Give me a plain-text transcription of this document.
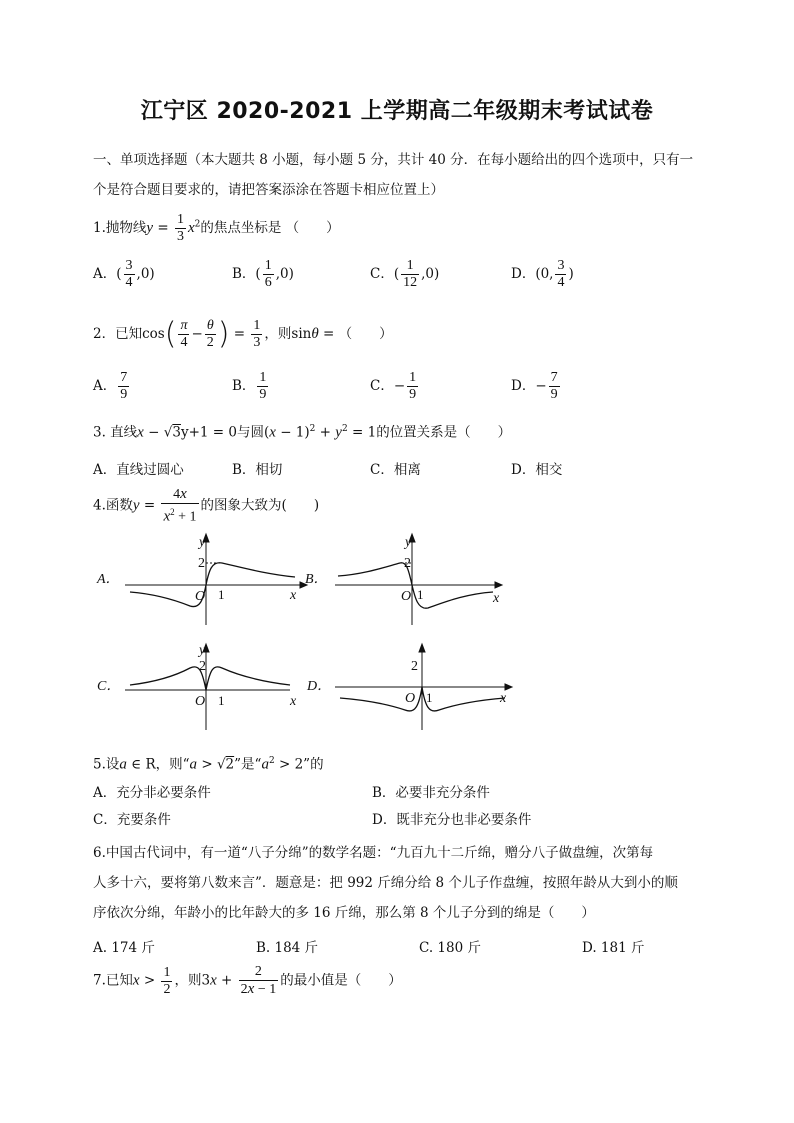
江宁区 2020-2021 上学期高二年级期末考试试卷
一、单项选择题（本大题共 8 小题，每小题 5 分，共计 40 分．在每小题给出的四个选项中，只有一
个是符合题目要求的，请把答案添涂在答题卡相应位置上）
1.抛物线$y = \frac{1}{3} x^2$的焦点坐标是 （　　）
A．( $\frac{3}{4} ,0$)	B．( $\frac{1}{6} ,0$)	C．( $\frac{1}{12} ,0$)	D．(0, $\frac{3}{4}$ )
2．已知$\cos( \frac{\pi}{4} - \frac{\theta}{2}$ ) = $\frac{1}{3}$ ，则sinθ = （　　）
A． $\frac{7}{9}$	B． $\frac{1}{9}$	C．− $\frac{1}{9}$	D．− $\frac{7}{9}$
3. 直线x − √3y+1 = 0与圆$(x - 1)^2 + y^2 = 1$的位置关系是（　　）
A．直线过圆心	B．相切	C．相离	D．相交
4.函数$y = \frac{4x}{x^2 + 1}$ 的图象大致为(　　)
A．
y
2
O 1	x
B．
y
2
O 1	x
C．
y
2
O 1	x
D．
2
O 1	x
5.设a ∈ R，则“a > √2”是“$a^2 > 2$”的
A．充分非必要条件	B．必要非充分条件
C．充要条件	D．既非充分也非必要条件
6.中国古代词中，有一道“八子分绵”的数学名题：“九百九十二斤绵，赠分八子做盘缠，次第每
人多十六，要将第八数来言”．题意是：把 992 斤绵分给 8 个儿子作盘缠，按照年龄从大到小的顺
序依次分绵，年龄小的比年龄大的多 16 斤绵，那么第 8 个儿子分到的绵是（　　）
A. 174 斤	B. 184 斤	C. 180 斤	D. 181 斤
7.已知$x > \frac{1}{2}$ ，则$3x + \frac{2}{2x - 1}$ 的最小值是（　　）
